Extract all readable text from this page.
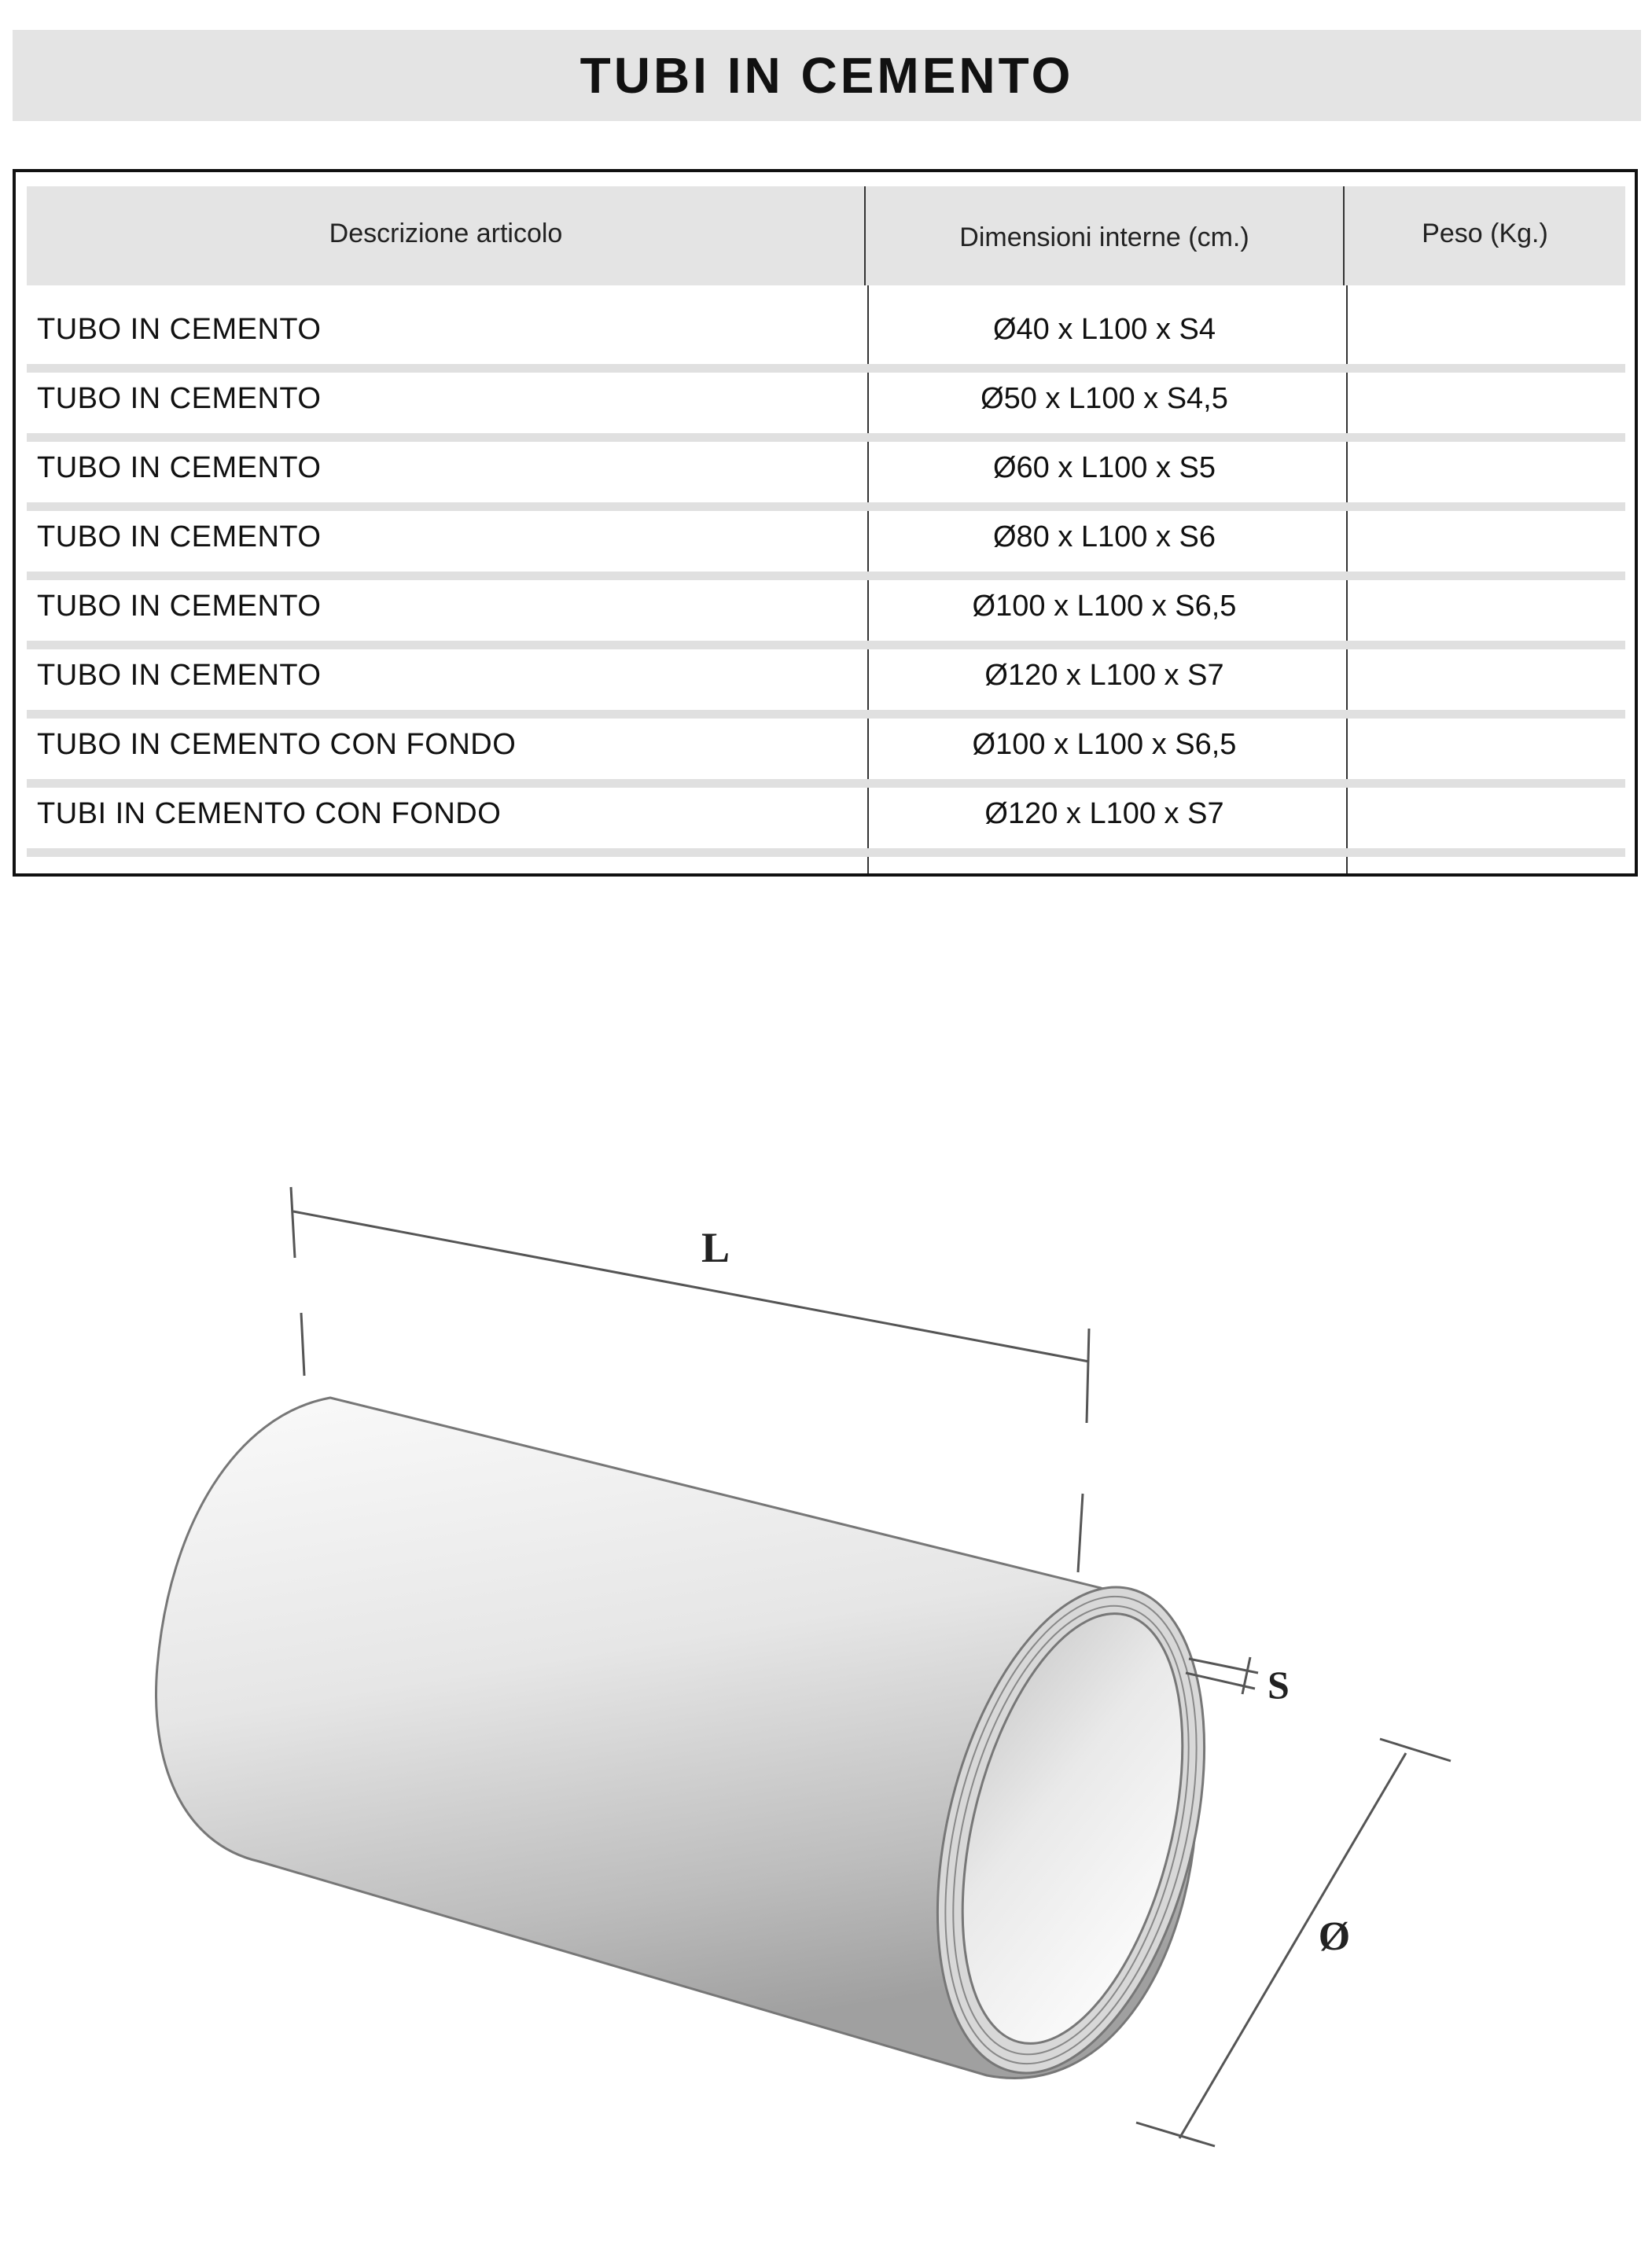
TUBI IN CEMENTO
Descrizione articolo	Dimensioni interne (cm.)	Peso (Kg.)
TUBO IN CEMENTO	Ø40 x L100 x S4
TUBO IN CEMENTO	Ø50 x L100 x S4,5
TUBO IN CEMENTO	Ø60 x L100 x S5
TUBO IN CEMENTO	Ø80 x L100 x S6
TUBO IN CEMENTO	Ø100 x L100 x S6,5
TUBO IN CEMENTO	Ø120 x L100 x S7
TUBO IN CEMENTO CON FONDO	Ø100 x L100 x S6,5
TUBI IN CEMENTO CON FONDO	Ø120 x L100 x S7
L
S
Ø
